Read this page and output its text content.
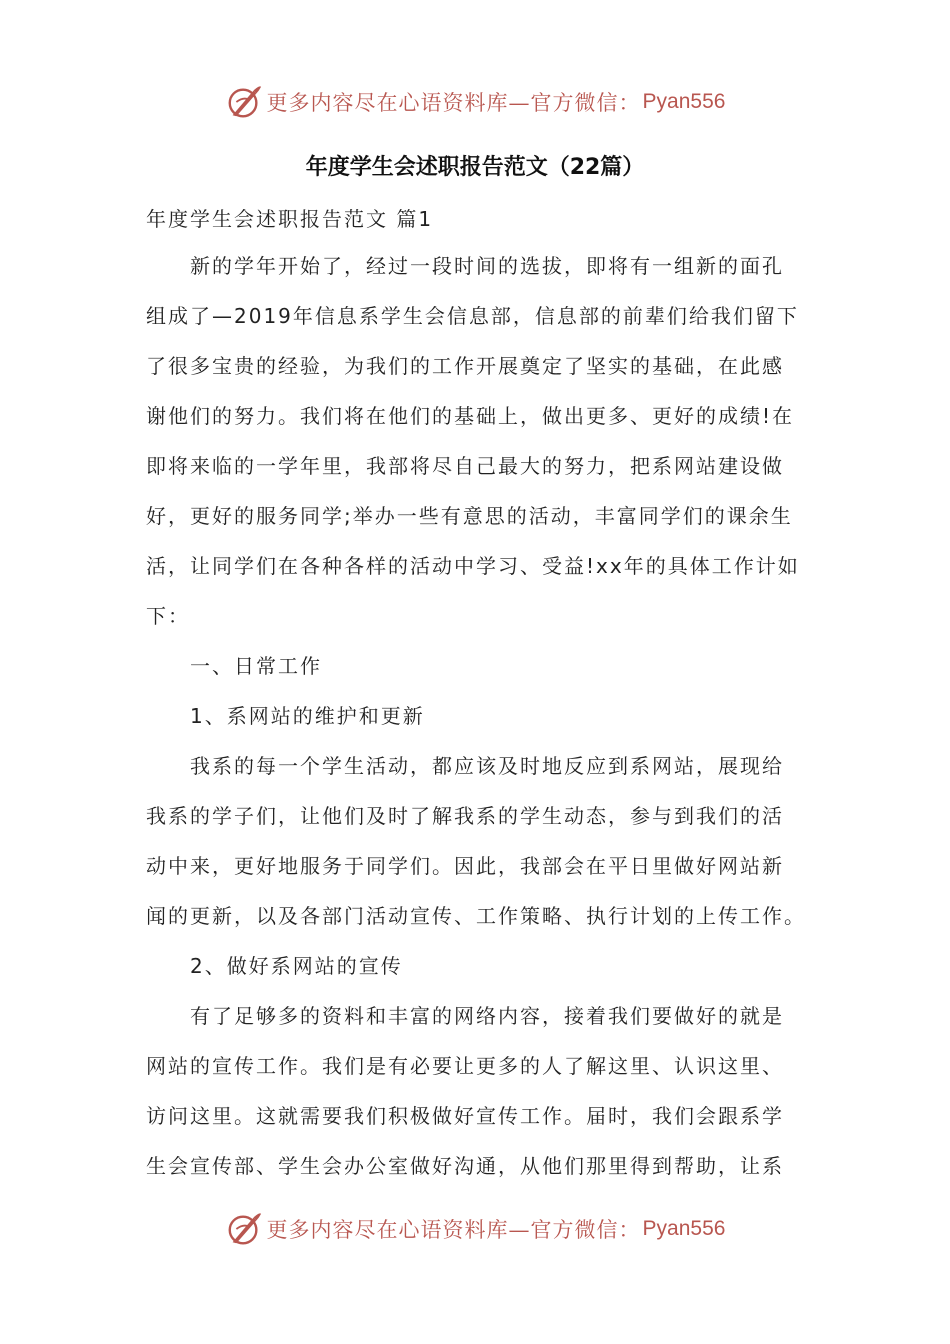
更多内容尽在心语资料库—官方微信： Pyan556
年度学生会述职报告范文（22篇）
年度学生会述职报告范文 篇1
新的学年开始了，经过一段时间的选拔，即将有一组新的面孔
组成了—2019年信息系学生会信息部，信息部的前辈们给我们留下
了很多宝贵的经验，为我们的工作开展奠定了坚实的基础，在此感
谢他们的努力。我们将在他们的基础上，做出更多、更好的成绩!在
即将来临的一学年里，我部将尽自己最大的努力，把系网站建设做
好，更好的服务同学;举办一些有意思的活动，丰富同学们的课余生
活，让同学们在各种各样的活动中学习、受益!xx年的具体工作计如
下：
一、日常工作
1、系网站的维护和更新
我系的每一个学生活动，都应该及时地反应到系网站，展现给
我系的学子们，让他们及时了解我系的学生动态，参与到我们的活
动中来，更好地服务于同学们。因此，我部会在平日里做好网站新
闻的更新，以及各部门活动宣传、工作策略、执行计划的上传工作。
2、做好系网站的宣传
有了足够多的资料和丰富的网络内容，接着我们要做好的就是
网站的宣传工作。我们是有必要让更多的人了解这里、认识这里、
访问这里。这就需要我们积极做好宣传工作。届时，我们会跟系学
生会宣传部、学生会办公室做好沟通，从他们那里得到帮助，让系
更多内容尽在心语资料库—官方微信： Pyan556
